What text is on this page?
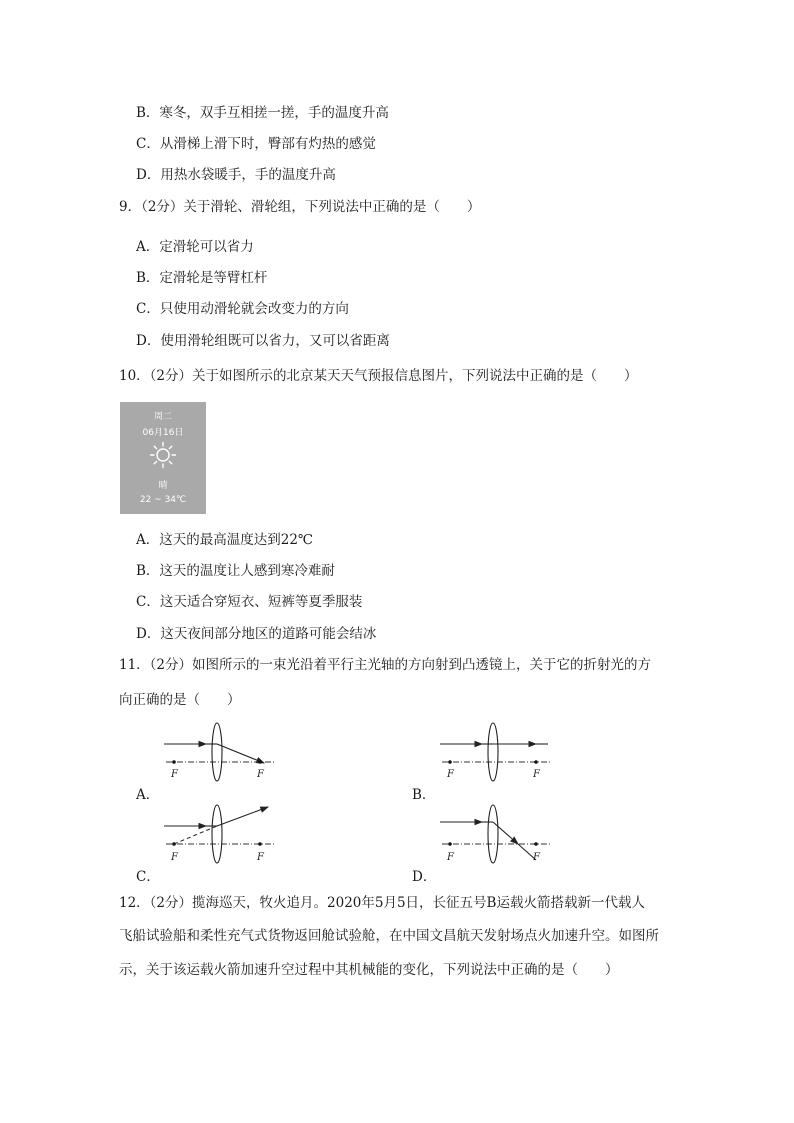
B．寒冬，双手互相搓一搓，手的温度升高
C．从滑梯上滑下时，臀部有灼热的感觉
D．用热水袋暖手，手的温度升高
9．（2分）关于滑轮、滑轮组，下列说法中正确的是（　　）
A．定滑轮可以省力
B．定滑轮是等臂杠杆
C．只使用动滑轮就会改变力的方向
D．使用滑轮组既可以省力，又可以省距离
10．（2分）关于如图所示的北京某天天气预报信息图片，下列说法中正确的是（　　）
周二
06月16日
晴
22 ~ 34℃
A．这天的最高温度达到22℃
B．这天的温度让人感到寒冷难耐
C．这天适合穿短衣、短裤等夏季服装
D．这天夜间部分地区的道路可能会结冰
11．（2分）如图所示的一束光沿着平行主光轴的方向射到凸透镜上，关于它的折射光的方
向正确的是（　　）
F	F
A．
F	F
B．
F	F
C．
F	F
D．
12．（2分）揽海巡天，牧火追月。2020年5月5日，长征五号B运载火箭搭载新一代载人
飞船试验船和柔性充气式货物返回舱试验舱，在中国文昌航天发射场点火加速升空。如图所
示，关于该运载火箭加速升空过程中其机械能的变化，下列说法中正确的是（　　）
